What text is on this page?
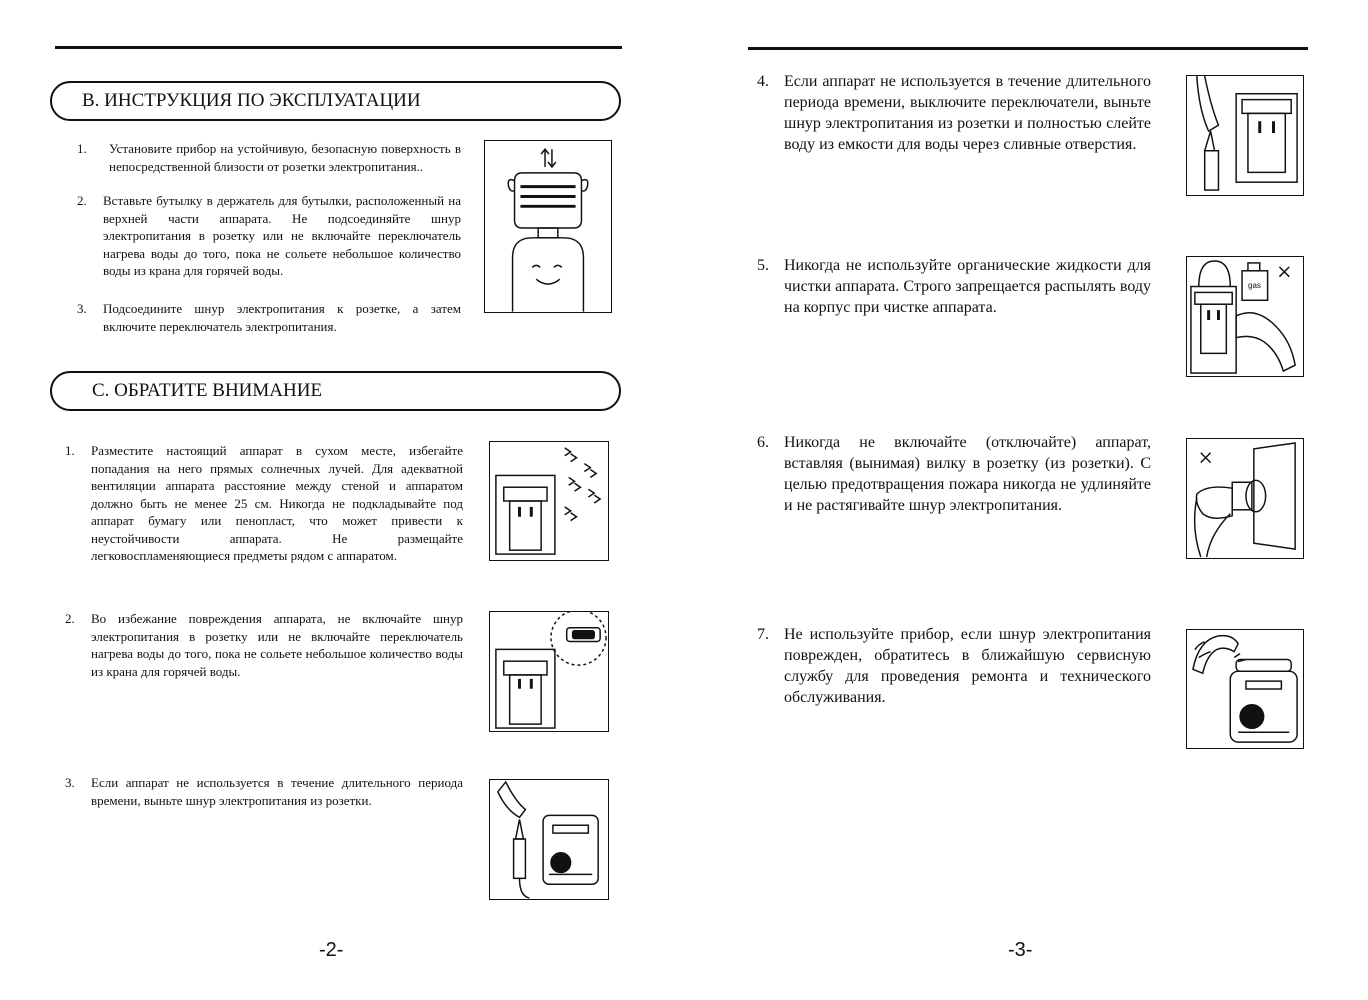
В. ИНСТРУКЦИЯ ПО ЭКСПЛУАТАЦИИ
1.	Установите прибор на устойчивую, безопасную поверхность в непосредственной близости от розетки электропитания..
2.	Вставьте бутылку в держатель для бутылки, расположенный на верхней части аппарата. Не подсоединяйте шнур электропитания в розетку или не включайте переключатель нагрева воды до того, пока не сольете небольшое количество воды из крана для горячей воды.
3.	Подсоедините шнур электропитания к розетке, а затем включите переключатель электропитания.
С. ОБРАТИТЕ ВНИМАНИЕ
1.	Разместите настоящий аппарат в сухом месте, избегайте попадания на него прямых солнечных лучей. Для адекватной вентиляции аппарата расстояние между стеной и аппаратом должно быть не менее 25 см. Никогда не подкладывайте под аппарат бумагу или пенопласт, что может привести к неустойчивости аппарата. Не размещайте легковоспламеняющиеся предметы рядом с аппаратом.
2.	Во избежание повреждения аппарата, не включайте шнур электропитания в розетку или не включайте переключатель нагрева воды до того, пока не сольете небольшое количество воды из крана для горячей воды.
3.	Если аппарат не используется в течение длительного периода времени, выньте шнур электропитания из розетки.
-2-
4. Если аппарат не используется в течение длительного периода времени, выключите переключатели, выньте шнур электропитания из розетки и полностью слейте воду из емкости для воды через сливные отверстия.
5. Никогда не используйте органические жидкости для чистки аппарата. Строго запрещается распылять воду на корпус при чистке аппарата.
6. Никогда не включайте (отключайте) аппарат, вставляя (вынимая) вилку в розетку (из розетки). С целью предотвращения пожара никогда не удлиняйте и не растягивайте шнур электропитания.
7. Не используйте прибор, если шнур электропитания поврежден, обратитесь в ближайшую сервисную службу для проведения ремонта и технического обслуживания.
gas
-3-
